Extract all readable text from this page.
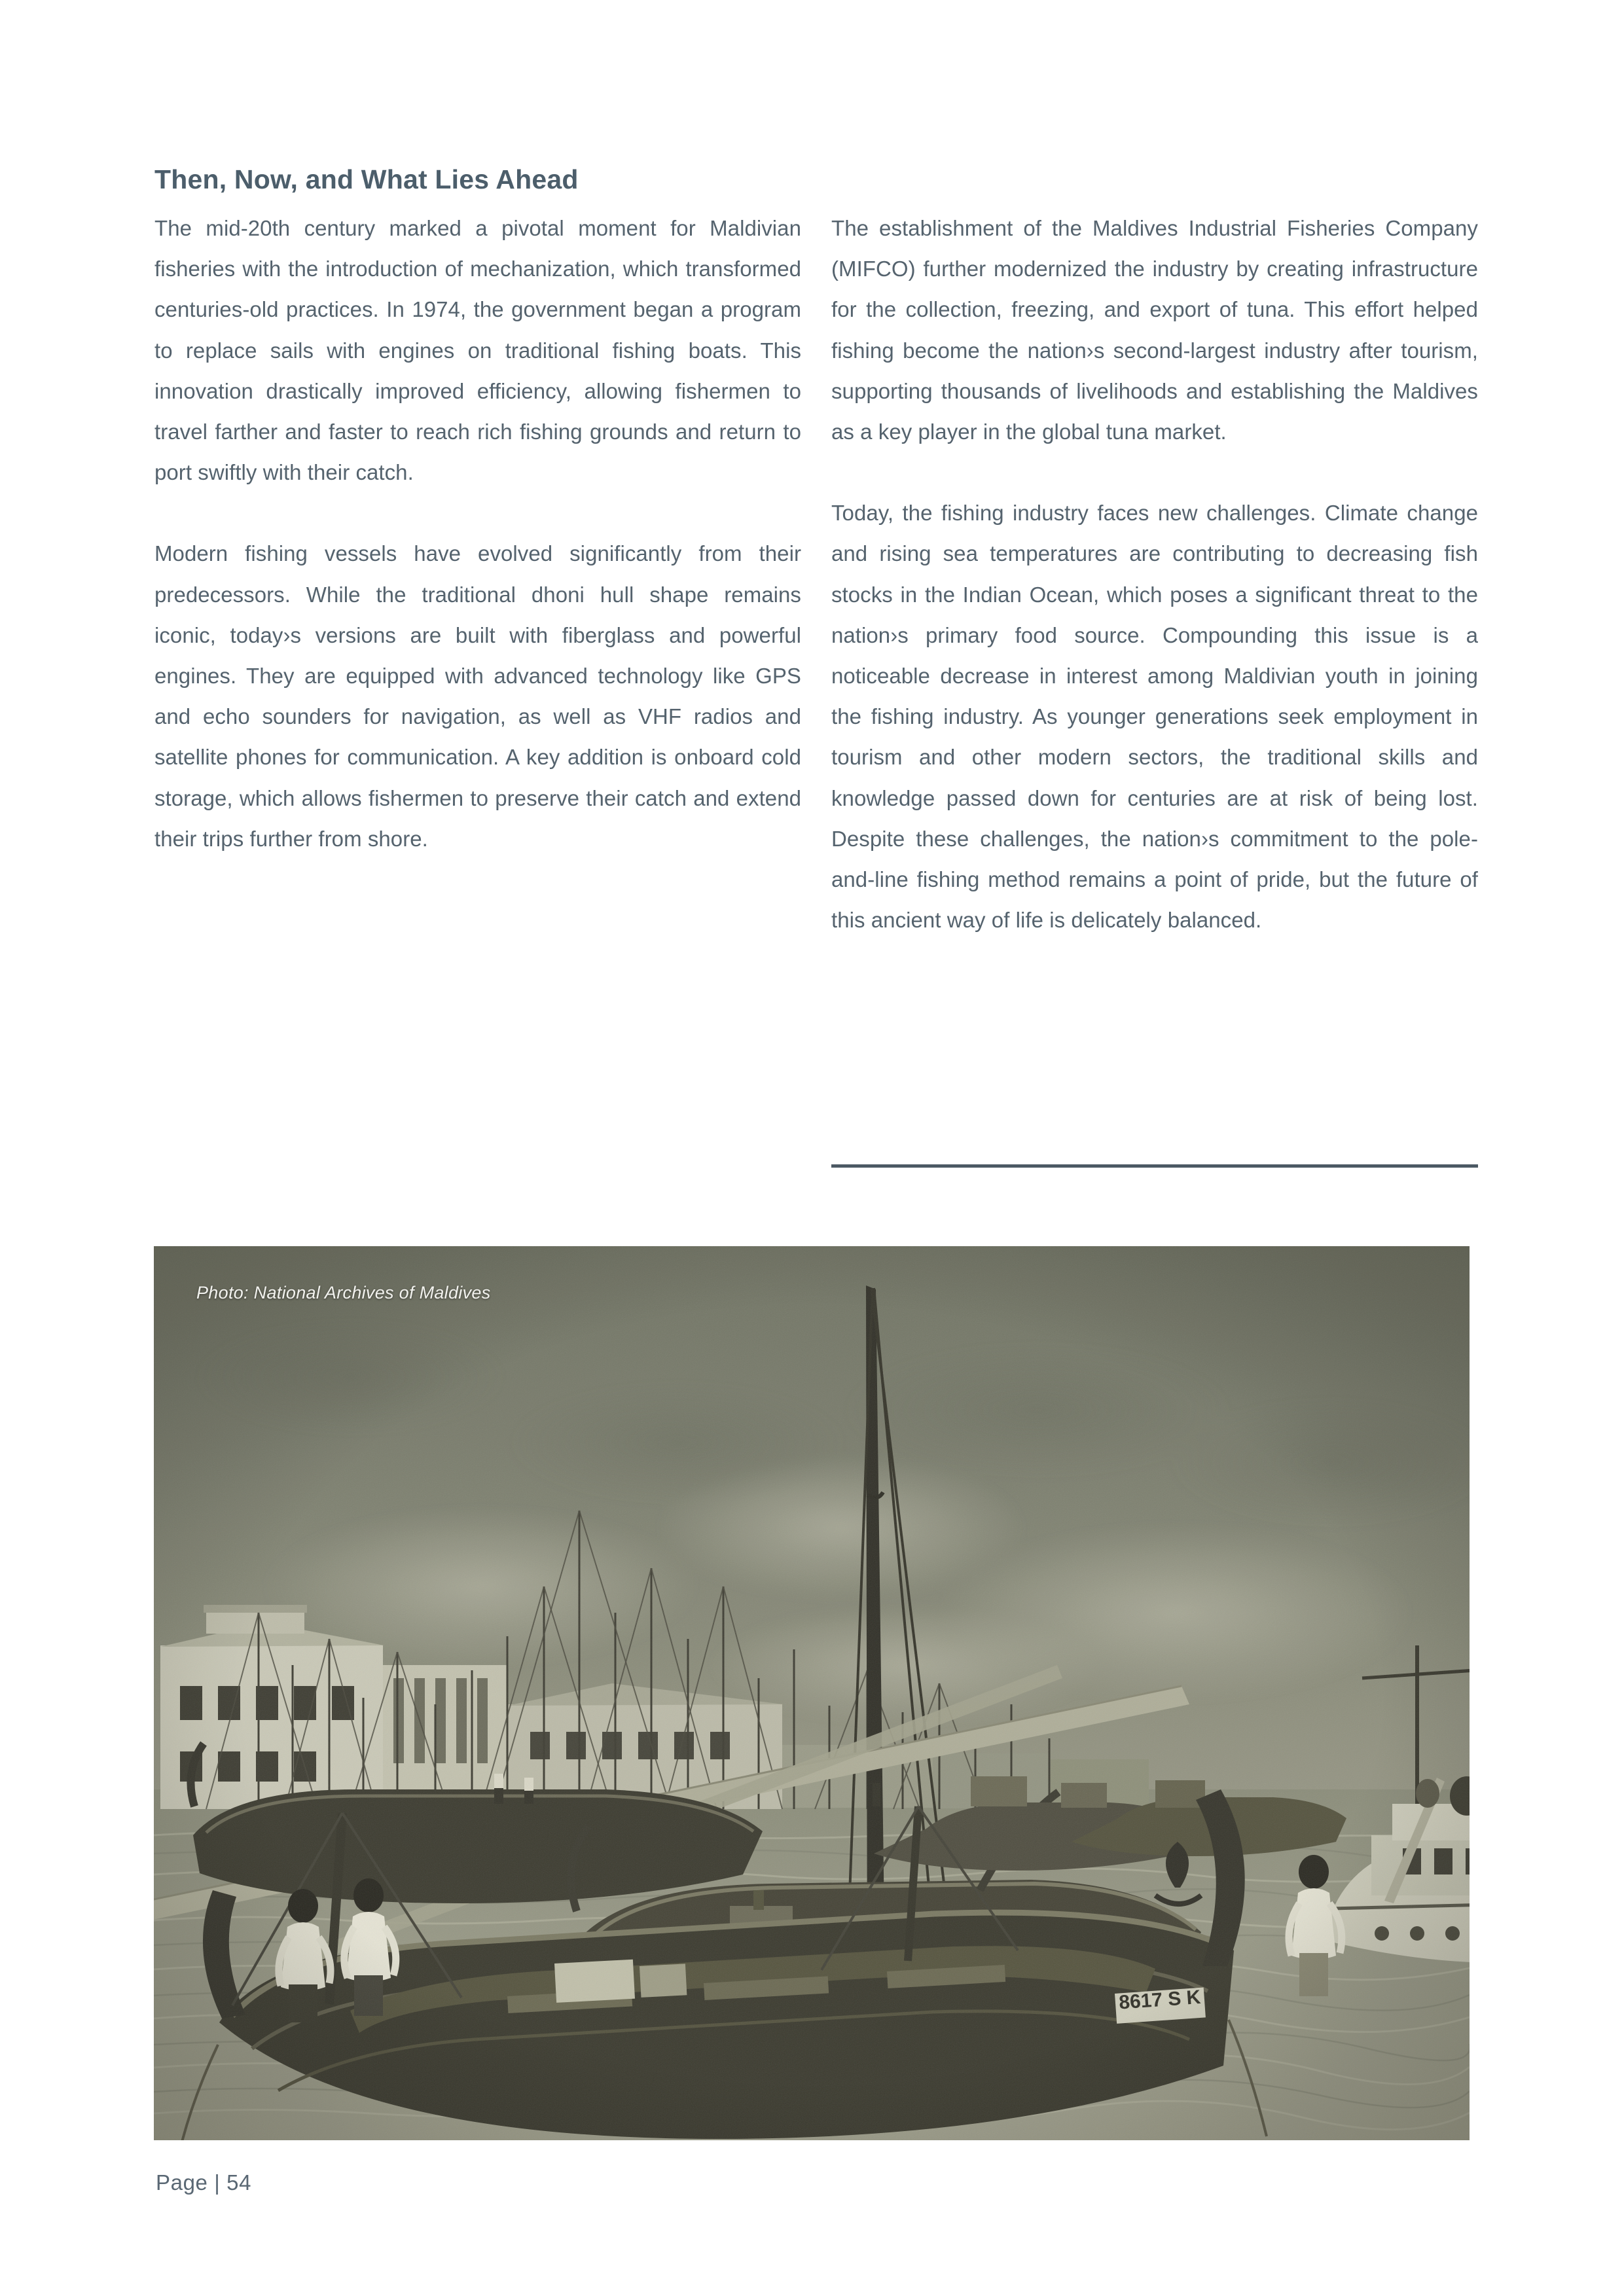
Then, Now, and What Lies Ahead

The mid-20th century marked a pivotal moment for Maldivian fisheries with the introduction of mechanization, which transformed centuries-old practices. In 1974, the government began a program to replace sails with engines on traditional fishing boats. This innovation drastically improved efficiency, allowing fishermen to travel farther and faster to reach rich fishing grounds and return to port swiftly with their catch.

Modern fishing vessels have evolved significantly from their predecessors. While the traditional dhoni hull shape remains iconic, today›s versions are built with fiberglass and powerful engines. They are equipped with advanced technology like GPS and echo sounders for navigation, as well as VHF radios and satellite phones for communication. A key addition is onboard cold storage, which allows fishermen to preserve their catch and extend their trips further from shore.

The establishment of the Maldives Industrial Fisheries Company (MIFCO) further modernized the industry by creating infrastructure for the collection, freezing, and export of tuna. This effort helped fishing become the nation›s second-largest industry after tourism, supporting thousands of livelihoods and establishing the Maldives as a key player in the global tuna market.

Today, the fishing industry faces new challenges. Climate change and rising sea temperatures are contributing to decreasing fish stocks in the Indian Ocean, which poses a significant threat to the nation›s primary food source. Compounding this issue is a noticeable decrease in interest among Maldivian youth in joining the fishing industry. As younger generations seek employment in tourism and other modern sectors, the traditional skills and knowledge passed down for centuries are at risk of being lost. Despite these challenges, the nation›s commitment to the pole-and-line fishing method remains a point of pride, but the future of this ancient way of life is delicately balanced.

Photo: National Archives of Maldives
Page | 54
